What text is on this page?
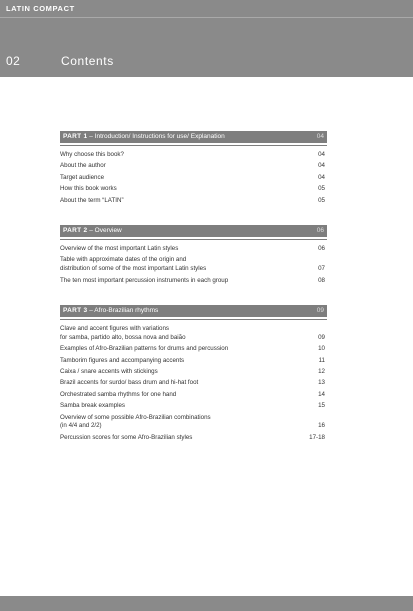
LATIN COMPACT
02	Contents
PART 1 – Introduction/ Instructions for use/ Explanation	04
Why choose this book?	04
About the author	04
Target audience	04
How this book works	05
About the term “LATIN”	05
PART 2 – Overview	06
Overview of the most important Latin styles	06
Table with approximate dates of the origin and
distribution of some of the most important Latin styles	07
The ten most important percussion instruments in each group	08
PART 3 – Afro-Brazilian rhythms	09
Clave and accent figures with variations
for samba, partido alto, bossa nova and baião	09
Examples of Afro-Brazilian patterns for drums and percussion	10
Tamborim figures and accompanying accents	11
Caixa / snare accents with stickings	12
Brazil accents for surdo/ bass drum and hi-hat foot	13
Orchestrated samba rhythms for one hand	14
Samba break examples	15
Overview of some possible Afro-Brazilian combinations
(in 4/4 and 2/2)	16
Percussion scores for some Afro-Brazilian styles	17-18
